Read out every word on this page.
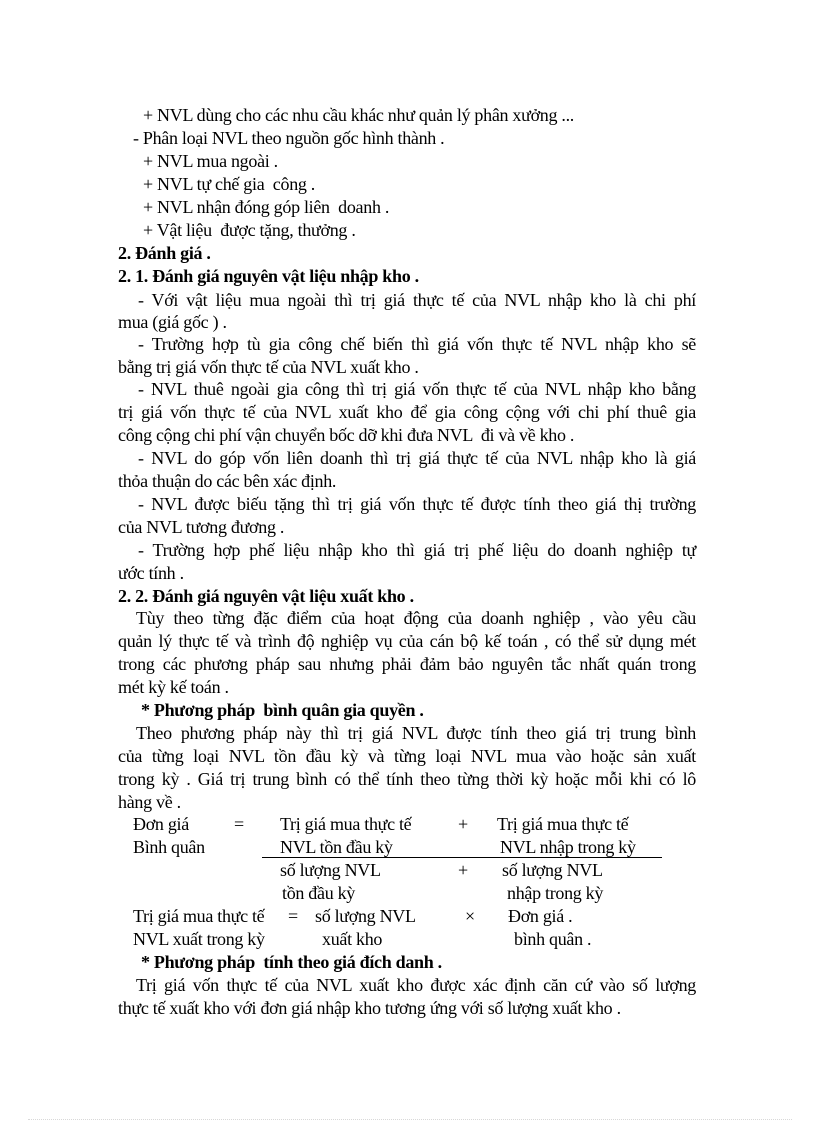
+ NVL dùng cho các nhu cầu khác như quản lý phân xưởng ...

- Phân loại NVL theo nguồn gốc hình thành .

+ NVL mua ngoài .

+ NVL tự chế gia  công .

+ NVL nhận đóng góp liên  doanh .

+ Vật liệu  được tặng, thưởng .

2. Đánh giá .

2. 1. Đánh giá nguyên vật liệu nhập kho .

- Với vật liệu mua ngoài thì trị giá thực tế của NVL nhập kho là chi phí

mua (giá gốc ) .

- Trường hợp tù gia công chế biến thì giá vốn thực tế NVL nhập kho sẽ

bằng trị giá vốn thực tế của NVL xuất kho .

- NVL thuê ngoài gia công thì trị giá vốn thực tế của NVL nhập kho bằng

trị giá vốn thực tế của NVL xuất kho để gia công cộng với chi phí thuê gia

công cộng chi phí vận chuyển bốc dỡ khi đưa NVL  đi và về kho .

- NVL do góp vốn liên doanh thì trị giá thực tế của NVL nhập kho là giá

thỏa thuận do các bên xác định.

- NVL được biếu tặng thì trị giá vốn thực tế được tính theo giá thị trường

của NVL tương đương .

- Trường hợp phế liệu nhập kho thì giá trị phế liệu do doanh nghiệp tự

ước tính .

2. 2. Đánh giá nguyên vật liệu xuất kho .

Tùy theo từng đặc điểm của hoạt động của doanh nghiệp , vào yêu cầu

quản lý thực tế và trình độ nghiệp vụ của cán bộ kế toán , có thể sử dụng mét

trong các phương pháp sau nhưng phải đảm bảo nguyên tắc nhất quán trong

mét kỳ kế toán .

* Phương pháp  bình quân gia quyền .

Theo phương pháp này thì trị giá NVL được tính theo giá trị trung bình

của từng loại NVL tồn đầu kỳ và từng loại NVL mua vào hoặc sản xuất

trong kỳ . Giá trị trung bình có thể tính theo từng thời kỳ hoặc mỗi khi có lô

hàng về .

Đơn giá

Bình quân

= Trị giá mua thực tế

NVL tồn đầu kỳ

+ Trị giá mua thực tế

NVL nhập trong kỳ

số lượng NVL

tồn đầu kỳ

+ số lượng NVL

nhập trong kỳ

Trị giá mua thực tế

NVL xuất trong kỳ

= số lượng NVL

xuất kho

× Đơn giá .

bình quân .

* Phương pháp  tính theo giá đích danh .

Trị giá vốn thực tế của NVL xuất kho được xác định căn cứ vào số lượng

thực tế xuất kho với đơn giá nhập kho tương ứng với số lượng xuất kho .
